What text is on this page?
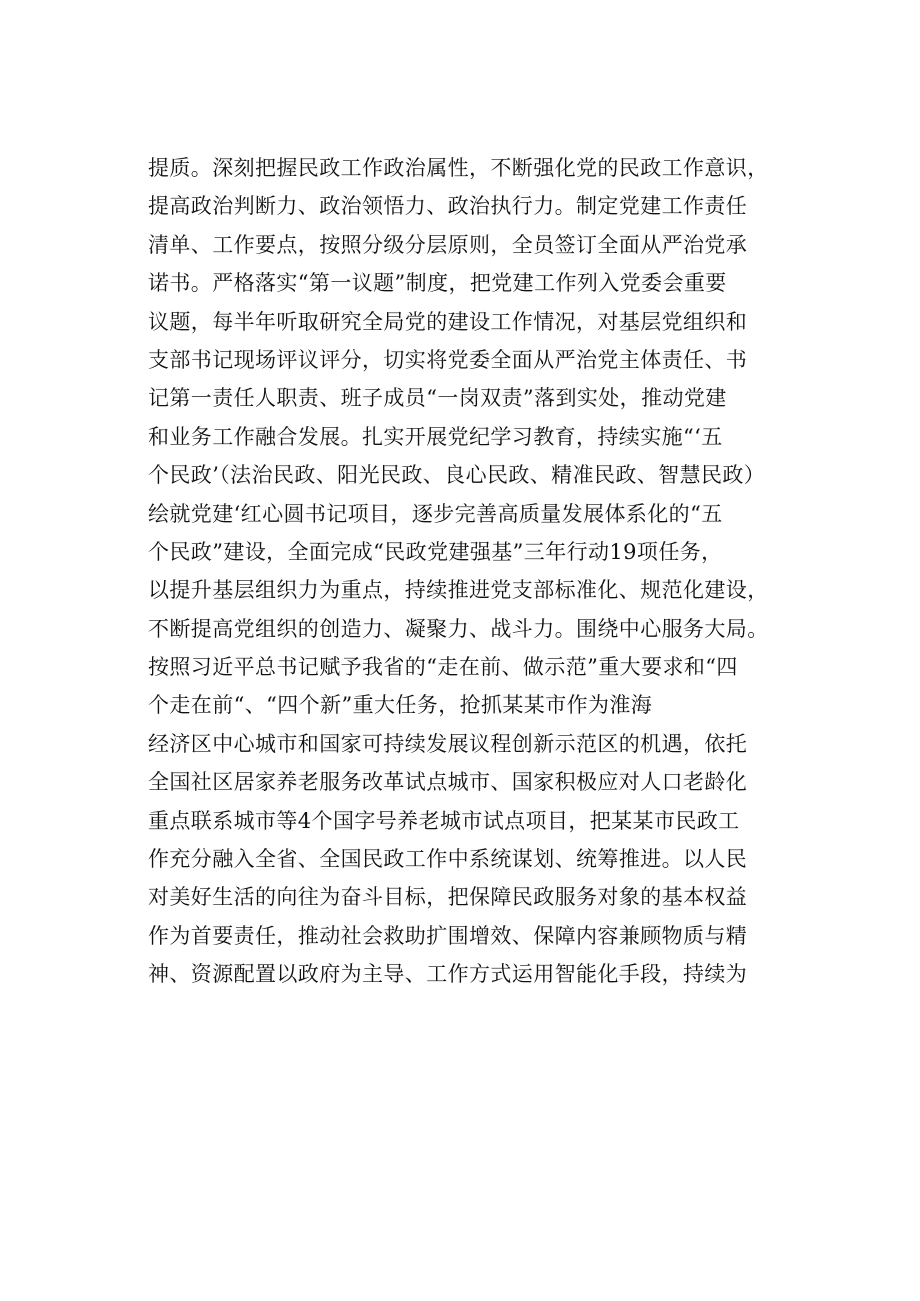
提质。深刻把握民政工作政治属性，不断强化党的民政工作意识，
提高政治判断力、政治领悟力、政治执行力。制定党建工作责任
清单、工作要点，按照分级分层原则，全员签订全面从严治党承
诺书。严格落实“第一议题”制度，把党建工作列入党委会重要
议题，每半年听取研究全局党的建设工作情况，对基层党组织和
支部书记现场评议评分，切实将党委全面从严治党主体责任、书
记第一责任人职责、班子成员“一岗双责”落到实处，推动党建
和业务工作融合发展。扎实开展党纪学习教育，持续实施“‘五
个民政’（法治民政、阳光民政、良心民政、精准民政、智慧民政）
绘就党建‘红心圆书记项目，逐步完善高质量发展体系化的“五
个民政”建设，全面完成“民政党建强基”三年行动19项任务，
以提升基层组织力为重点，持续推进党支部标准化、规范化建设，
不断提高党组织的创造力、凝聚力、战斗力。围绕中心服务大局。
按照习近平总书记赋予我省的“走在前、做示范”重大要求和“四
个走在前“、“四个新”重大任务，抢抓某某市作为淮海
经济区中心城市和国家可持续发展议程创新示范区的机遇，依托
全国社区居家养老服务改革试点城市、国家积极应对人口老龄化
重点联系城市等4个国字号养老城市试点项目，把某某市民政工
作充分融入全省、全国民政工作中系统谋划、统筹推进。以人民
对美好生活的向往为奋斗目标，把保障民政服务对象的基本权益
作为首要责任，推动社会救助扩围增效、保障内容兼顾物质与精
神、资源配置以政府为主导、工作方式运用智能化手段，持续为
